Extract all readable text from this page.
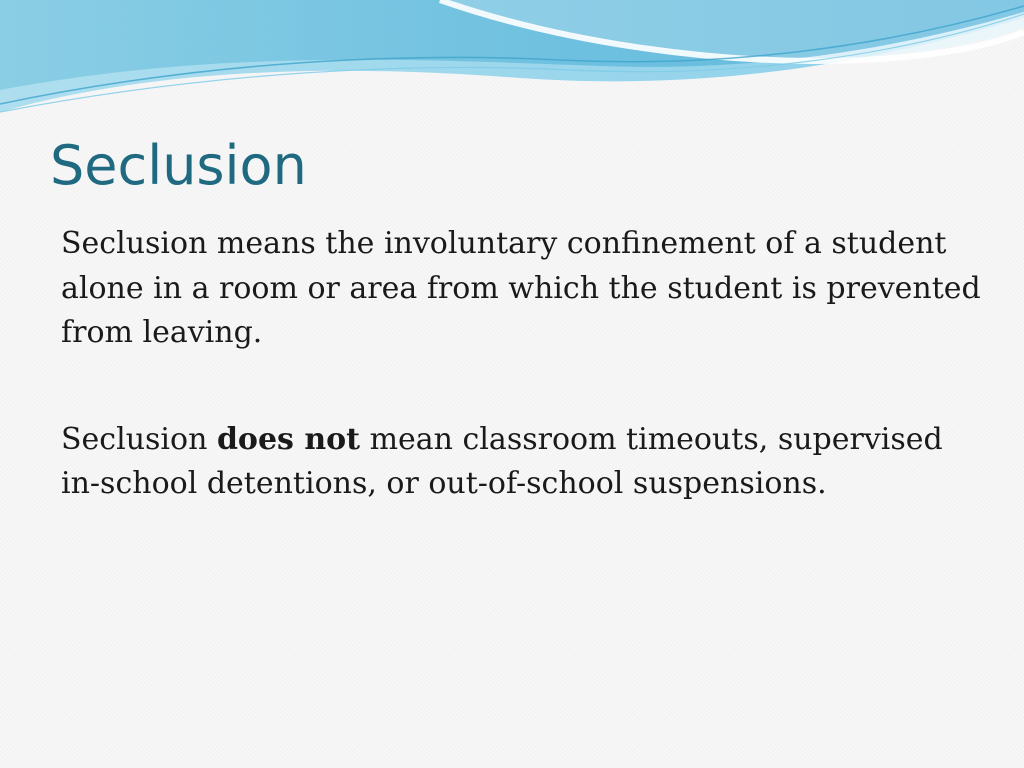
Seclusion

Seclusion means the involuntary confinement of a student alone in a room or area from which the student is prevented from leaving.

Seclusion does not mean classroom timeouts, supervised in-school detentions, or out-of-school suspensions.
